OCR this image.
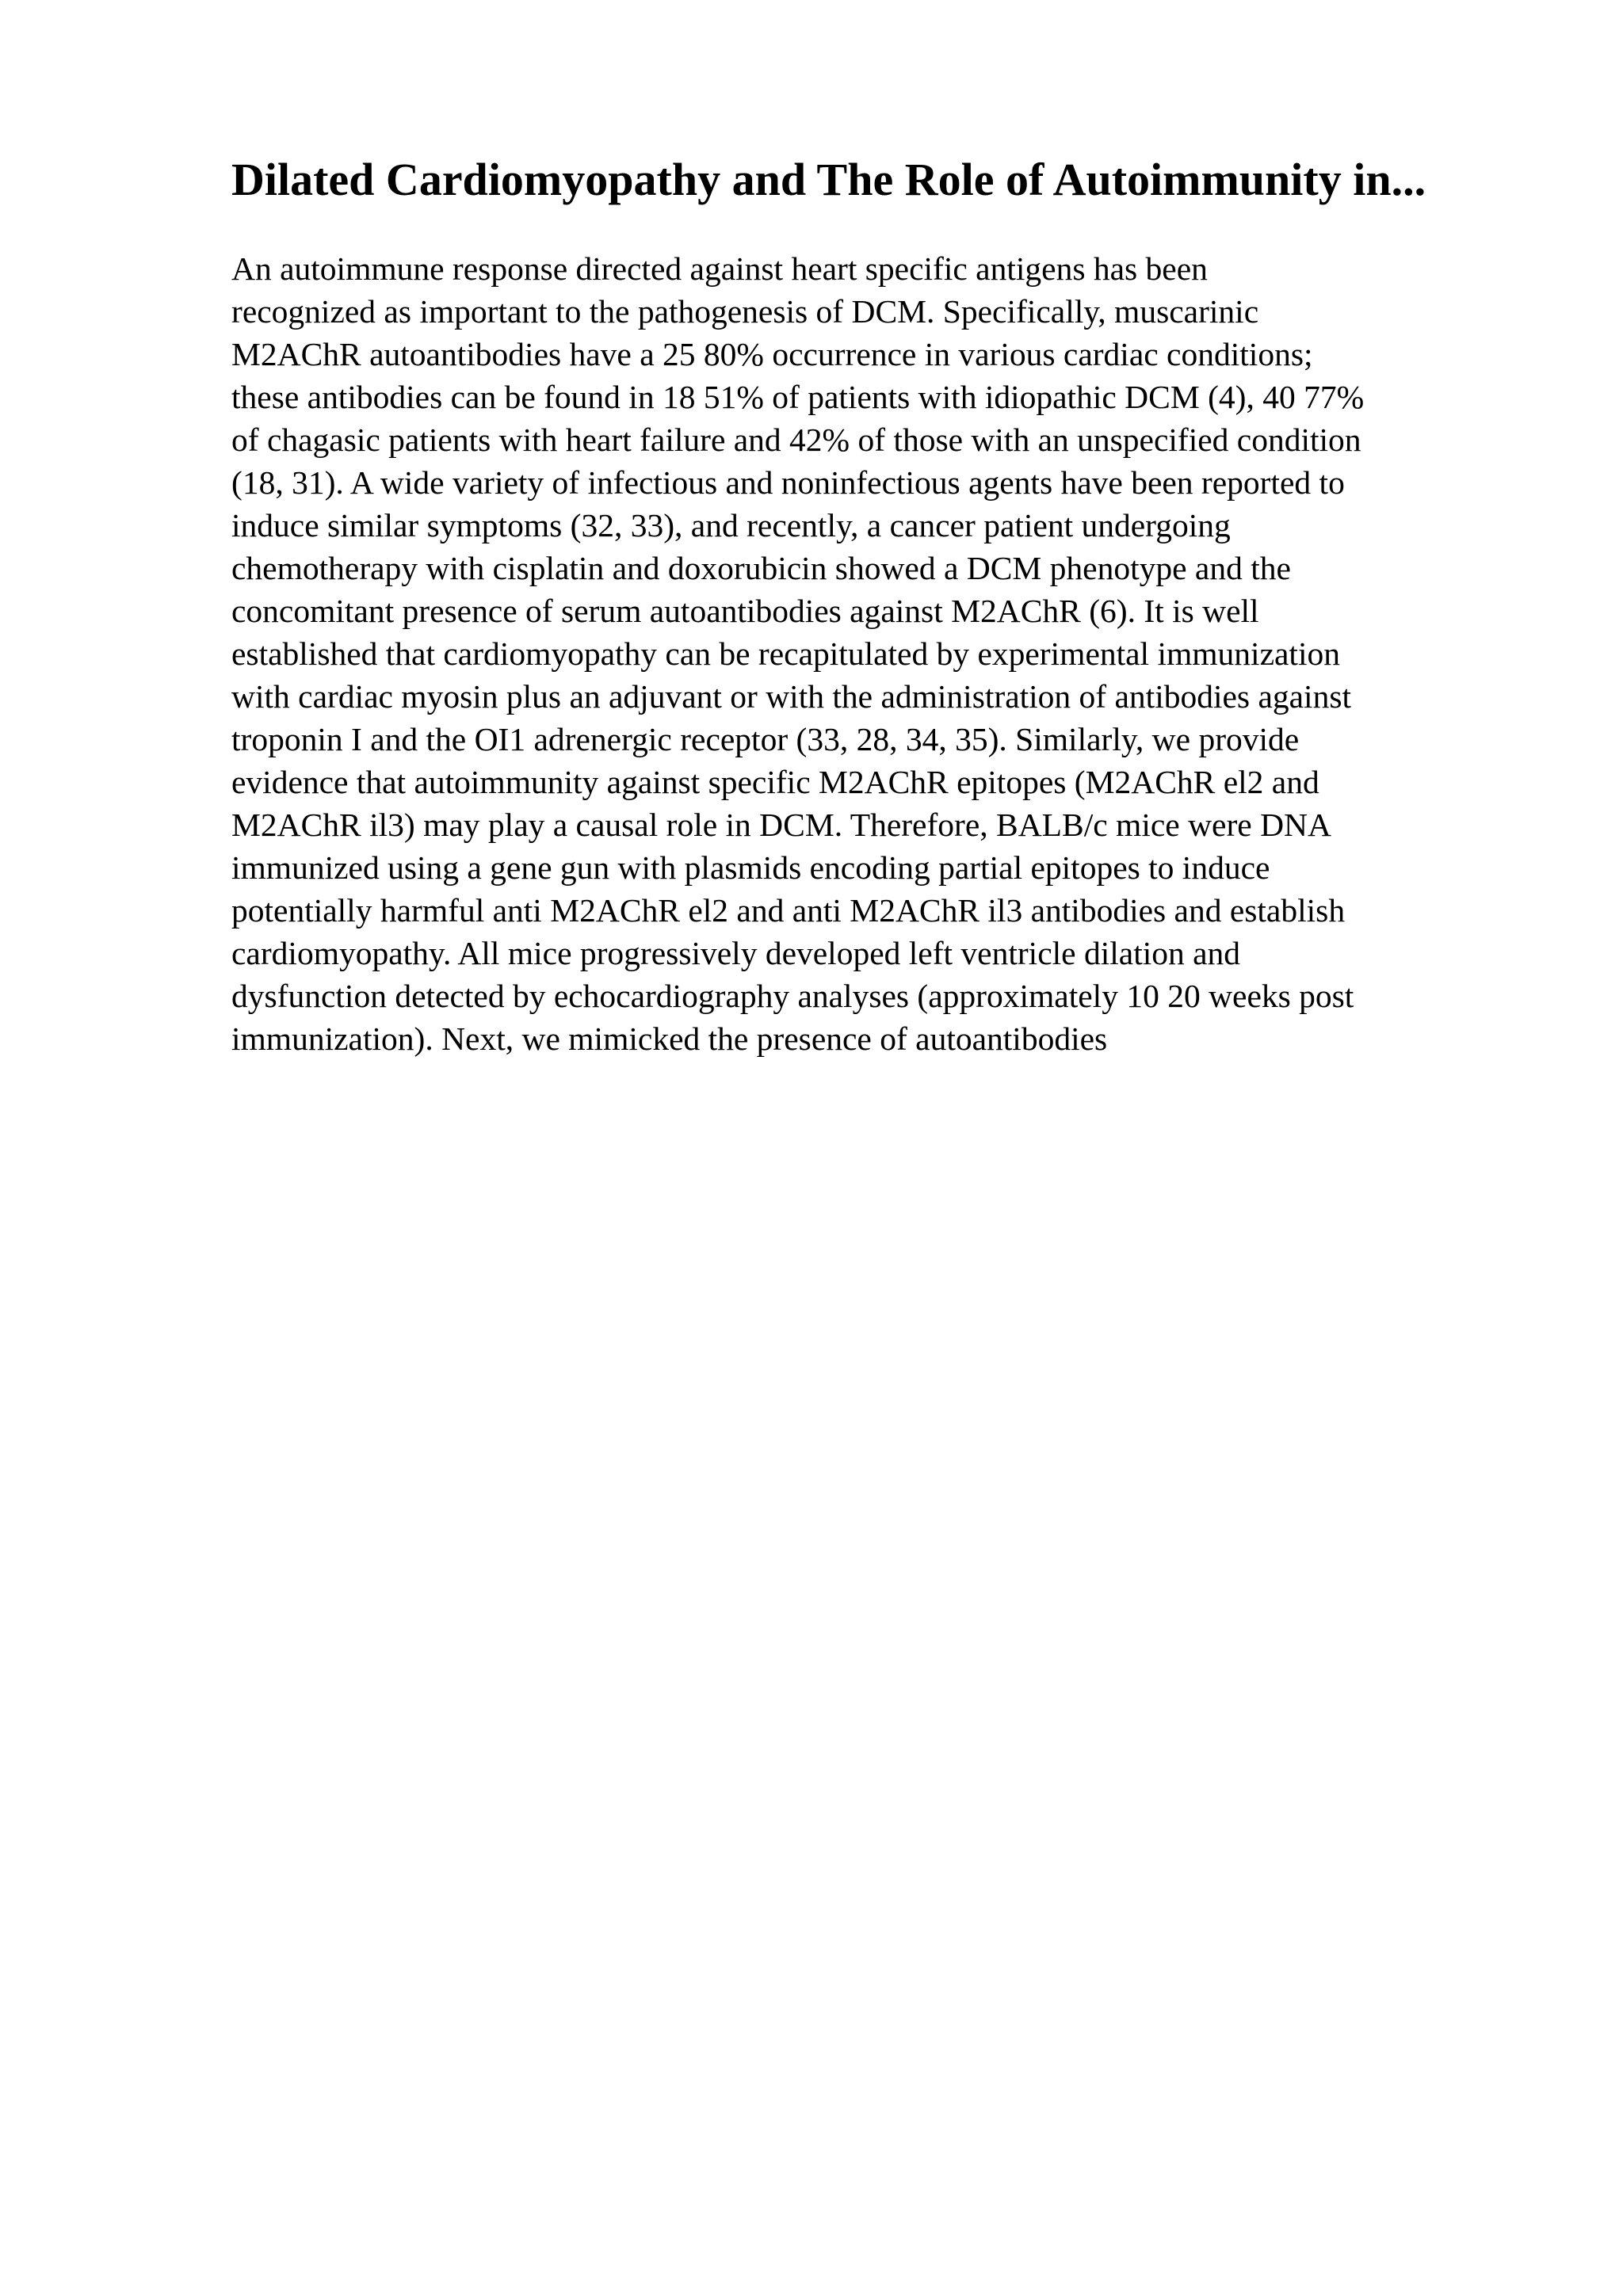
Dilated Cardiomyopathy and The Role of Autoimmunity in...
An autoimmune response directed against heart specific antigens has been
recognized as important to the pathogenesis of DCM. Specifically, muscarinic
M2AChR autoantibodies have a 25 80% occurrence in various cardiac conditions;
these antibodies can be found in 18 51% of patients with idiopathic DCM (4), 40 77%
of chagasic patients with heart failure and 42% of those with an unspecified condition
(18, 31). A wide variety of infectious and noninfectious agents have been reported to
induce similar symptoms (32, 33), and recently, a cancer patient undergoing
chemotherapy with cisplatin and doxorubicin showed a DCM phenotype and the
concomitant presence of serum autoantibodies against M2AChR (6). It is well
established that cardiomyopathy can be recapitulated by experimental immunization
with cardiac myosin plus an adjuvant or with the administration of antibodies against
troponin I and the OI1 adrenergic receptor (33, 28, 34, 35). Similarly, we provide
evidence that autoimmunity against specific M2AChR epitopes (M2AChR el2 and
M2AChR il3) may play a causal role in DCM. Therefore, BALB/c mice were DNA
immunized using a gene gun with plasmids encoding partial epitopes to induce
potentially harmful anti M2AChR el2 and anti M2AChR il3 antibodies and establish
cardiomyopathy. All mice progressively developed left ventricle dilation and
dysfunction detected by echocardiography analyses (approximately 10 20 weeks post
immunization). Next, we mimicked the presence of autoantibodies
